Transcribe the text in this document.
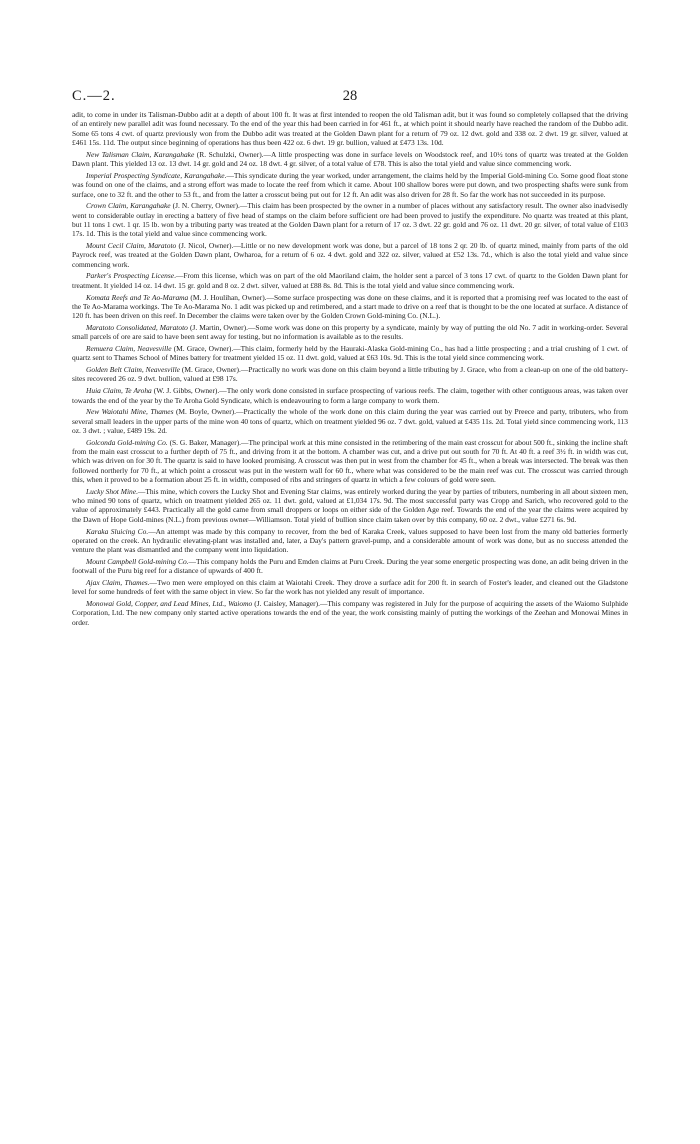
C.—2.	28

adit, to come in under its Talisman-Dubbo adit at a depth of about 100 ft. It was at first intended to reopen the old Talisman adit, but it was found so completely collapsed that the driving of an entirely new parallel adit was found necessary. To the end of the year this had been carried in for 461 ft., at which point it should nearly have reached the random of the Dubbo adit. Some 65 tons 4 cwt. of quartz previously won from the Dubbo adit was treated at the Golden Dawn plant for a return of 79 oz. 12 dwt. gold and 338 oz. 2 dwt. 19 gr. silver, valued at £461 15s. 11d. The output since beginning of operations has thus been 422 oz. 6 dwt. 19 gr. bullion, valued at £473 13s. 10d.

New Talisman Claim, Karangahake (R. Schulzki, Owner).—A little prospecting was done in surface levels on Woodstock reef, and 10½ tons of quartz was treated at the Golden Dawn plant. This yielded 13 oz. 13 dwt. 14 gr. gold and 24 oz. 18 dwt. 4 gr. silver, of a total value of £78. This is also the total yield and value since commencing work.

Imperial Prospecting Syndicate, Karangahake.—This syndicate during the year worked, under arrangement, the claims held by the Imperial Gold-mining Co. Some good float stone was found on one of the claims, and a strong effort was made to locate the reef from which it came. About 100 shallow bores were put down, and two prospecting shafts were sunk from surface, one to 32 ft. and the other to 53 ft., and from the latter a crosscut being put out for 12 ft. An adit was also driven for 28 ft. So far the work has not succeeded in its purpose.

Crown Claim, Karangahake (J. N. Cherry, Owner).—This claim has been prospected by the owner in a number of places without any satisfactory result. The owner also inadvisedly went to considerable outlay in erecting a battery of five head of stamps on the claim before sufficient ore had been proved to justify the expenditure. No quartz was treated at this plant, but 11 tons 1 cwt. 1 qr. 15 lb. won by a tributing party was treated at the Golden Dawn plant for a return of 17 oz. 3 dwt. 22 gr. gold and 76 oz. 11 dwt. 20 gr. silver, of total value of £103 17s. 1d. This is the total yield and value since commencing work.

Mount Cecil Claim, Maratoto (J. Nicol, Owner).—Little or no new development work was done, but a parcel of 18 tons 2 qr. 20 lb. of quartz mined, mainly from parts of the old Payrock reef, was treated at the Golden Dawn plant, Owharoa, for a return of 6 oz. 4 dwt. gold and 322 oz. silver, valued at £52 13s. 7d., which is also the total yield and value since commencing work.

Parker's Prospecting License.—From this license, which was on part of the old Maoriland claim, the holder sent a parcel of 3 tons 17 cwt. of quartz to the Golden Dawn plant for treatment. It yielded 14 oz. 14 dwt. 15 gr. gold and 8 oz. 2 dwt. silver, valued at £88 8s. 8d. This is the total yield and value since commencing work.

Komata Reefs and Te Ao-Marama (M. J. Houlihan, Owner).—Some surface prospecting was done on these claims, and it is reported that a promising reef was located to the east of the Te Ao-Marama workings. The Te Ao-Marama No. 1 adit was picked up and retimbered, and a start made to drive on a reef that is thought to be the one located at surface. A distance of 120 ft. has been driven on this reef. In December the claims were taken over by the Golden Crown Gold-mining Co. (N.L.).

Maratoto Consolidated, Maratoto (J. Martin, Owner).—Some work was done on this property by a syndicate, mainly by way of putting the old No. 7 adit in working-order. Several small parcels of ore are said to have been sent away for testing, but no information is available as to the results.

Remuera Claim, Neavesville (M. Grace, Owner).—This claim, formerly held by the Hauraki-Alaska Gold-mining Co., has had a little prospecting ; and a trial crushing of 1 cwt. of quartz sent to Thames School of Mines battery for treatment yielded 15 oz. 11 dwt. gold, valued at £63 10s. 9d. This is the total yield since commencing work.

Golden Belt Claim, Neavesville (M. Grace, Owner).—Practically no work was done on this claim beyond a little tributing by J. Grace, who from a clean-up on one of the old battery-sites recovered 26 oz. 9 dwt. bullion, valued at £98 17s.

Huia Claim, Te Aroha (W. J. Gibbs, Owner).—The only work done consisted in surface prospecting of various reefs. The claim, together with other contiguous areas, was taken over towards the end of the year by the Te Aroha Gold Syndicate, which is endeavouring to form a large company to work them.

New Waiotahi Mine, Thames (M. Boyle, Owner).—Practically the whole of the work done on this claim during the year was carried out by Preece and party, tributers, who from several small leaders in the upper parts of the mine won 40 tons of quartz, which on treatment yielded 96 oz. 7 dwt. gold, valued at £435 11s. 2d. Total yield since commencing work, 113 oz. 3 dwt. ; value, £489 19s. 2d.

Golconda Gold-mining Co. (S. G. Baker, Manager).—The principal work at this mine consisted in the retimbering of the main east crosscut for about 500 ft., sinking the incline shaft from the main east crosscut to a further depth of 75 ft., and driving from it at the bottom. A chamber was cut, and a drive put out south for 70 ft. At 40 ft. a reef 3½ ft. in width was cut, which was driven on for 30 ft. The quartz is said to have looked promising. A crosscut was then put in west from the chamber for 45 ft., when a break was intersected. The break was then followed northerly for 70 ft., at which point a crosscut was put in the western wall for 60 ft., where what was considered to be the main reef was cut. The crosscut was carried through this, when it proved to be a formation about 25 ft. in width, composed of ribs and stringers of quartz in which a few colours of gold were seen.

Lucky Shot Mine.—This mine, which covers the Lucky Shot and Evening Star claims, was entirely worked during the year by parties of tributers, numbering in all about sixteen men, who mined 90 tons of quartz, which on treatment yielded 265 oz. 11 dwt. gold, valued at £1,034 17s. 9d. The most successful party was Cropp and Sarich, who recovered gold to the value of approximately £443. Practically all the gold came from small droppers or loops on either side of the Golden Age reef. Towards the end of the year the claims were acquired by the Dawn of Hope Gold-mines (N.L.) from previous owner—Williamson. Total yield of bullion since claim taken over by this company, 60 oz. 2 dwt., value £271 6s. 9d.

Karaka Sluicing Co.—An attempt was made by this company to recover, from the bed of Karaka Creek, values supposed to have been lost from the many old batteries formerly operated on the creek. An hydraulic elevating-plant was installed and, later, a Day's pattern gravel-pump, and a considerable amount of work was done, but as no success attended the venture the plant was dismantled and the company went into liquidation.

Mount Campbell Gold-mining Co.—This company holds the Puru and Emden claims at Puru Creek. During the year some energetic prospecting was done, an adit being driven in the footwall of the Puru big reef for a distance of upwards of 400 ft.

Ajax Claim, Thames.—Two men were employed on this claim at Waiotahi Creek. They drove a surface adit for 200 ft. in search of Foster's leader, and cleaned out the Gladstone level for some hundreds of feet with the same object in view. So far the work has not yielded any result of importance.

Monowai Gold, Copper, and Lead Mines, Ltd., Waiomo (J. Caisley, Manager).—This company was registered in July for the purpose of acquiring the assets of the Waiomo Sulphide Corporation, Ltd. The new company only started active operations towards the end of the year, the work consisting mainly of putting the workings of the Zeehan and Monowai Mines in order.
